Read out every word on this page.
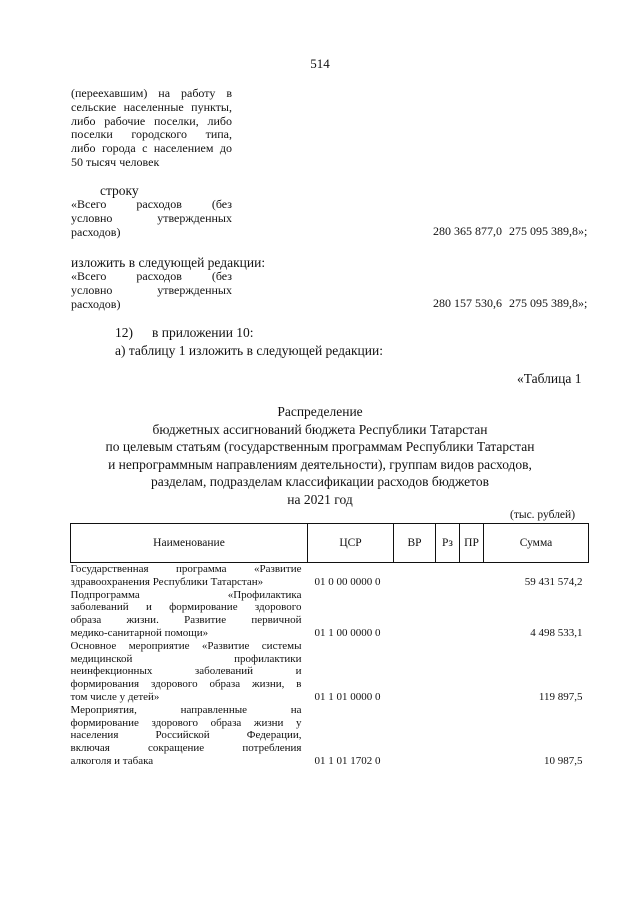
514
(переехавшим) на работу в
сельские населенные пункты,
либо рабочие поселки, либо
поселки городского типа,
либо города с населением до
50 тысяч человек
строку
«Всего расходов (без
условно утвержденных
расходов)	280 365 877,0 275 095 389,8»;
изложить в следующей редакции:
«Всего расходов (без
условно утвержденных
расходов)	280 157 530,6 275 095 389,8»;
12) в приложении 10:
а) таблицу 1 изложить в следующей редакции:
«Таблица 1
Распределение
бюджетных ассигнований бюджета Республики Татарстан
по целевым статьям (государственным программам Республики Татарстан
и непрограммным направлениям деятельности), группам видов расходов,
разделам, подразделам классификации расходов бюджетов
на 2021 год
(тыс. рублей)
Наименование	ЦСР	ВР	Рз	ПР	Сумма

Государственная программа «Развитие
здравоохранения Республики Татарстан»	01 0 00 0000 0				59 431 574,2

Подпрограмма «Профилактика
заболеваний и формирование здорового
образа жизни. Развитие первичной
медико-санитарной помощи»	01 1 00 0000 0				4 498 533,1

Основное мероприятие «Развитие системы
медицинской профилактики
неинфекционных заболеваний и
формирования здорового образа жизни, в
том числе у детей»	01 1 01 0000 0				119 897,5

Мероприятия, направленные на
формирование здорового образа жизни у
населения Российской Федерации,
включая сокращение потребления
алкоголя и табака	01 1 01 1702 0				10 987,5
